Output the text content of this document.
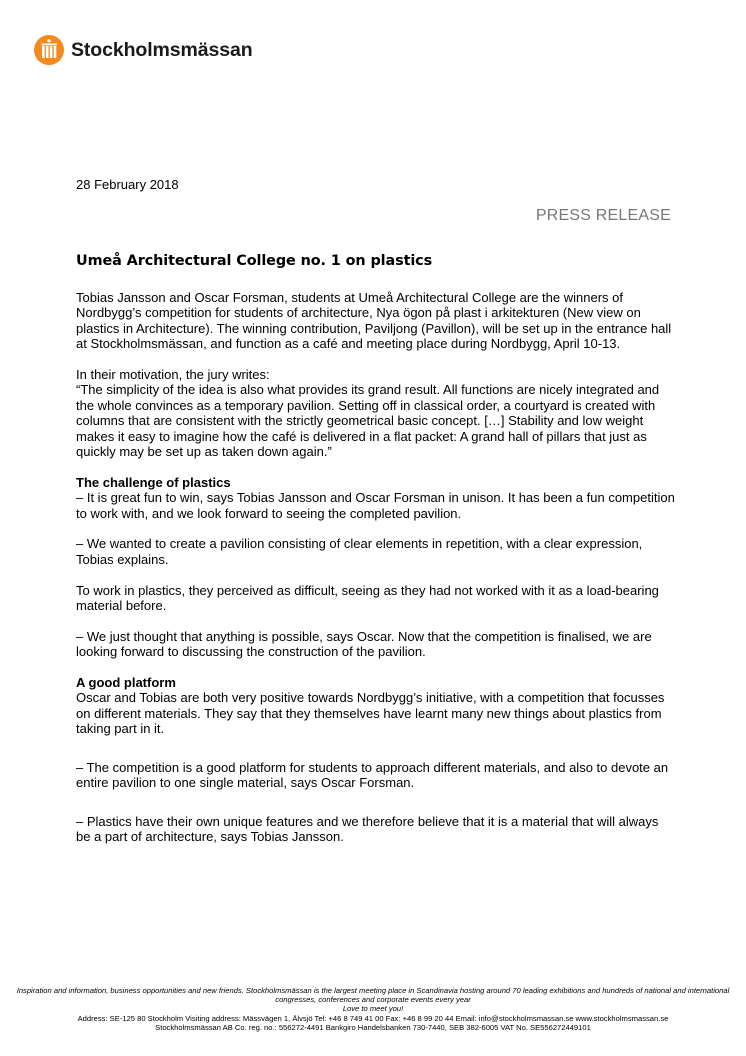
Stockholmsmässan
28 February 2018
PRESS RELEASE
Umeå Architectural College no. 1 on plastics

Tobias Jansson and Oscar Forsman, students at Umeå Architectural College are the winners of Nordbygg’s competition for students of architecture, Nya ögon på plast i arkitekturen (New view on plastics in Architecture). The winning contribution, Paviljong (Pavillon), will be set up in the entrance hall at Stockholmsmässan, and function as a café and meeting place during Nordbygg, April 10-13.

In their motivation, the jury writes:
“The simplicity of the idea is also what provides its grand result. All functions are nicely integrated and the whole convinces as a temporary pavilion. Setting off in classical order, a courtyard is created with columns that are consistent with the strictly geometrical basic concept. […] Stability and low weight makes it easy to imagine how the café is delivered in a flat packet: A grand hall of pillars that just as quickly may be set up as taken down again.”

The challenge of plastics

– It is great fun to win, says Tobias Jansson and Oscar Forsman in unison. It has been a fun competition to work with, and we look forward to seeing the completed pavilion.

– We wanted to create a pavilion consisting of clear elements in repetition, with a clear expression, Tobias explains.

To work in plastics, they perceived as difficult, seeing as they had not worked with it as a load-bearing material before.

– We just thought that anything is possible, says Oscar. Now that the competition is finalised, we are looking forward to discussing the construction of the pavilion.

A good platform

Oscar and Tobias are both very positive towards Nordbygg’s initiative, with a competition that focusses on different materials. They say that they themselves have learnt many new things about plastics from taking part in it.

– The competition is a good platform for students to approach different materials, and also to devote an entire pavilion to one single material, says Oscar Forsman.

– Plastics have their own unique features and we therefore believe that it is a material that will always be a part of architecture, says Tobias Jansson.

Inspiration and information, business opportunities and new friends. Stockholmsmässan is the largest meeting place in Scandinavia hosting around 70 leading exhibitions and hundreds of national and international congresses, conferences and corporate events every year
Love to meet you!
Address: SE-125 80 Stockholm Visiting address: Mässvägen 1, Älvsjö Tel: +46 8 749 41 00 Fax: +46 8 99 20 44 Email: info@stockholmsmassan.se www.stockholmsmassan.se
Stockholmsmässan AB Co. reg. no.: 556272-4491 Bankgiro Handelsbanken 730-7440, SEB 382-6005 VAT No. SE556272449101
